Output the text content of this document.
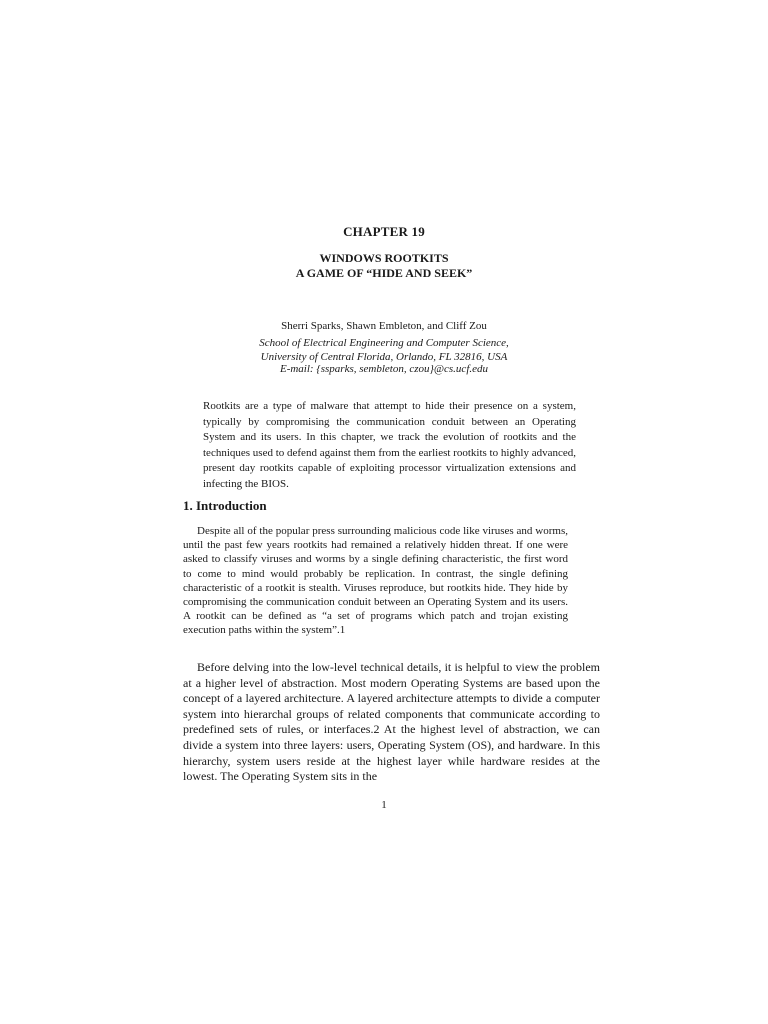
CHAPTER 19
WINDOWS ROOTKITS
A GAME OF “HIDE AND SEEK”
Sherri Sparks, Shawn Embleton, and Cliff Zou
School of Electrical Engineering and Computer Science,
University of Central Florida, Orlando, FL 32816, USA
E-mail: {ssparks, sembleton, czou}@cs.ucf.edu

Rootkits are a type of malware that attempt to hide their presence on a system, typically by compromising the communication conduit between an Operating System and its users. In this chapter, we track the evolution of rootkits and the techniques used to defend against them from the earliest rootkits to highly advanced, present day rootkits capable of exploiting processor virtualization extensions and infecting the BIOS.

1. Introduction

Despite all of the popular press surrounding malicious code like viruses and worms, until the past few years rootkits had remained a relatively hidden threat. If one were asked to classify viruses and worms by a single defining characteristic, the first word to come to mind would probably be replication. In contrast, the single defining characteristic of a rootkit is stealth. Viruses reproduce, but rootkits hide. They hide by compromising the communication conduit between an Operating System and its users. A rootkit can be defined as “a set of programs which patch and trojan existing execution paths within the system”.1

Before delving into the low-level technical details, it is helpful to view the problem at a higher level of abstraction. Most modern Operating Systems are based upon the concept of a layered architecture. A layered architecture attempts to divide a computer system into hierarchal groups of related components that communicate according to predefined sets of rules, or interfaces.2 At the highest level of abstraction, we can divide a system into three layers: users, Operating System (OS), and hardware. In this hierarchy, system users reside at the highest layer while hardware resides at the lowest. The Operating System sits in the

1
